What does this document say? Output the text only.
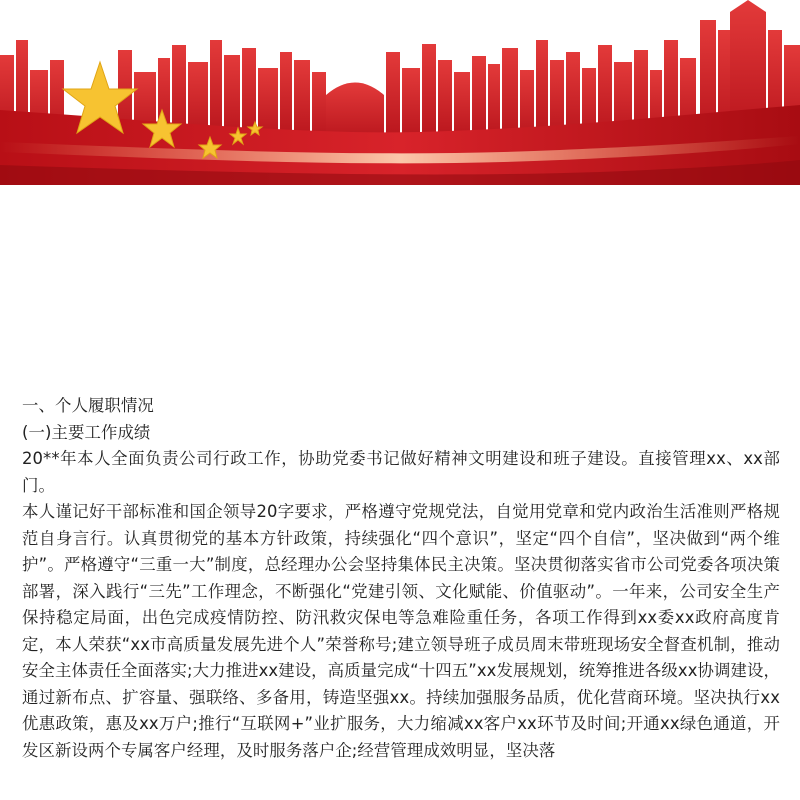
一、个人履职情况

(一)主要工作成绩

20**年本人全面负责公司行政工作，协助党委书记做好精神文明建设和班子建设。直接管理xx、xx部门。

本人谨记好干部标准和国企领导20字要求，严格遵守党规党法，自觉用党章和党内政治生活准则严格规范自身言行。认真贯彻党的基本方针政策，持续强化“四个意识”，坚定“四个自信”，坚决做到“两个维护”。严格遵守“三重一大”制度，总经理办公会坚持集体民主决策。坚决贯彻落实省市公司党委各项决策部署，深入践行“三先”工作理念，不断强化“党建引领、文化赋能、价值驱动”。一年来，公司安全生产保持稳定局面，出色完成疫情防控、防汛救灾保电等急难险重任务，各项工作得到xx委xx政府高度肯定，本人荣获“xx市高质量发展先进个人”荣誉称号;建立领导班子成员周末带班现场安全督查机制，推动安全主体责任全面落实;大力推进xx建设，高质量完成“十四五”xx发展规划，统筹推进各级xx协调建设，通过新布点、扩容量、强联络、多备用，铸造坚强xx。持续加强服务品质，优化营商环境。坚决执行xx优惠政策，惠及xx万户;推行“互联网+”业扩服务，大力缩减xx客户xx环节及时间;开通xx绿色通道，开发区新设两个专属客户经理，及时服务落户企;经营管理成效明显，坚决落
